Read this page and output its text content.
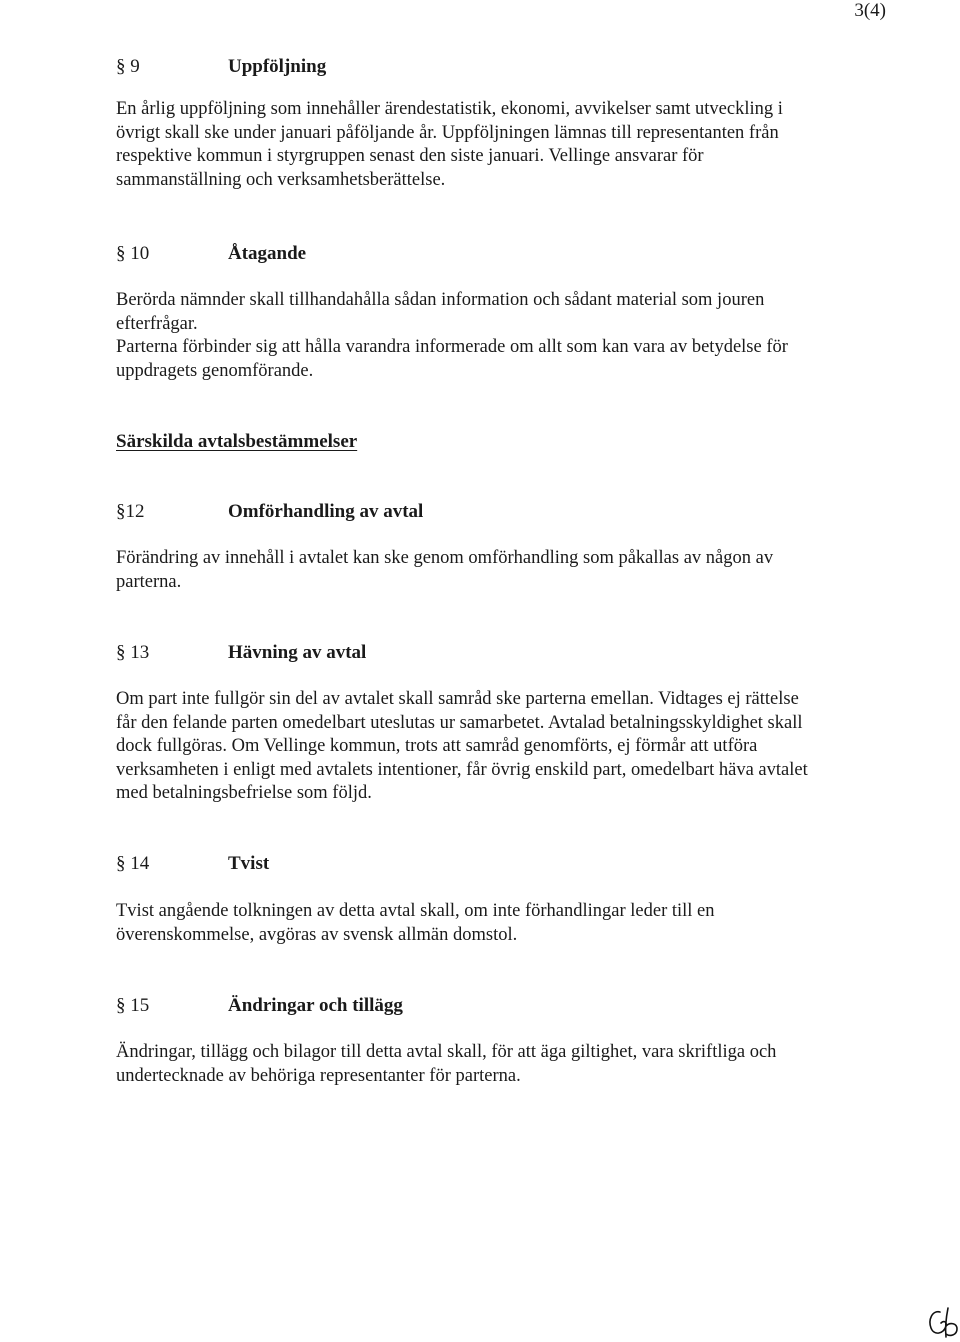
3(4)
§ 9	Uppföljning
En årlig uppföljning som innehåller ärendestatistik, ekonomi, avvikelser samt utveckling i
övrigt skall ske under januari påföljande år. Uppföljningen lämnas till representanten från
respektive kommun i styrgruppen senast den siste januari. Vellinge ansvarar för
sammanställning och verksamhetsberättelse.
§ 10	Åtagande
Berörda nämnder skall tillhandahålla sådan information och sådant material som jouren
efterfrågar.
Parterna förbinder sig att hålla varandra informerade om allt som kan vara av betydelse för
uppdragets genomförande.
Särskilda avtalsbestämmelser
§12	Omförhandling av avtal
Förändring av innehåll i avtalet kan ske genom omförhandling som påkallas av någon av
parterna.
§ 13	Hävning av avtal
Om part inte fullgör sin del av avtalet skall samråd ske parterna emellan. Vidtages ej rättelse
får den felande parten omedelbart uteslutas ur samarbetet. Avtalad betalningsskyldighet skall
dock fullgöras. Om Vellinge kommun, trots att samråd genomförts, ej förmår att utföra
verksamheten i enligt med avtalets intentioner, får övrig enskild part, omedelbart häva avtalet
med betalningsbefrielse som följd.
§ 14	Tvist
Tvist angående tolkningen av detta avtal skall, om inte förhandlingar leder till en
överenskommelse, avgöras av svensk allmän domstol.
§ 15	Ändringar och tillägg
Ändringar, tillägg och bilagor till detta avtal skall, för att äga giltighet, vara skriftliga och
undertecknade av behöriga representanter för parterna.
